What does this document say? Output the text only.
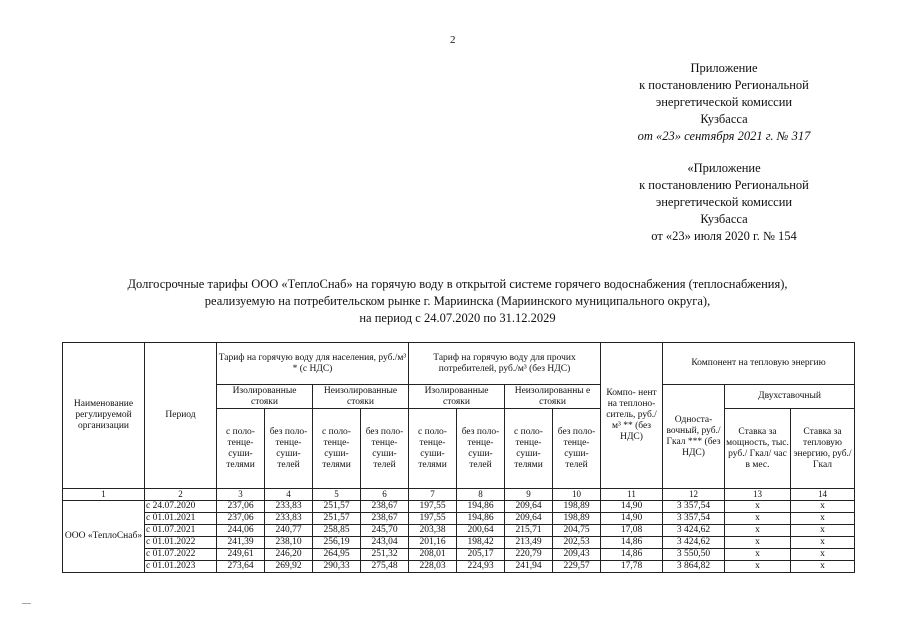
2
Приложение
к постановлению Региональной
энергетической комиссии
Кузбасса
от «23» сентября 2021 г. № 317
«Приложение
к постановлению Региональной
энергетической комиссии
Кузбасса
от «23» июля 2020 г. № 154
Долгосрочные тарифы ООО «ТеплоСнаб» на горячую воду в открытой системе горячего водоснабжения (теплоснабжения),
реализуемую на потребительском рынке г. Мариинска (Мариинского муниципального округа),
на период с 24.07.2020 по 31.12.2029
Наименование регулируемой организации	Период	Тариф на горячую воду для населения, руб./м³ * (с НДС)				Тариф на горячую воду для прочих потребителей, руб./м³ (без НДС)				Компо- нент на теплоно- ситель, руб./м³ ** (без НДС)	Компонент на тепловую энергию		
		Изолированные стояки		Неизолированные стояки		Изолированные стояки		Неизолированны е стояки			Односта- вочный, руб./Гкал *** (без НДС)	Двухставочный	
		с поло- тенце- суши- телями	без поло- тенце- суши- телей	с поло- тенце- суши- телями	без поло- тенце- суши- телей	с поло- тенце- суши- телями	без поло- тенце- суши- телей	с поло- тенце- суши- телями	без поло- тенце- суши- телей			Ставка за мощность, тыс. руб./ Гкал/ час в мес.	Ставка за тепловую энергию, руб./Гкал

1	2	3	4	5	6	7	8	9	10	11	12	13	14
ООО «ТеплоСнаб»	с 24.07.2020	237,06	233,83	251,57	238,67	197,55	194,86	209,64	198,89	14,90	3 357,54	x	x
	с 01.01.2021	237,06	233,83	251,57	238,67	197,55	194,86	209,64	198,89	14,90	3 357,54	x	x
	с 01.07.2021	244,06	240,77	258,85	245,70	203,38	200,64	215,71	204,75	17,08	3 424,62	x	x
	с 01.01.2022	241,39	238,10	256,19	243,04	201,16	198,42	213,49	202,53	14,86	3 424,62	x	x
	с 01.07.2022	249,61	246,20	264,95	251,32	208,01	205,17	220,79	209,43	14,86	3 550,50	x	x
	с 01.01.2023	273,64	269,92	290,33	275,48	228,03	224,93	241,94	229,57	17,78	3 864,82	x	x
—
